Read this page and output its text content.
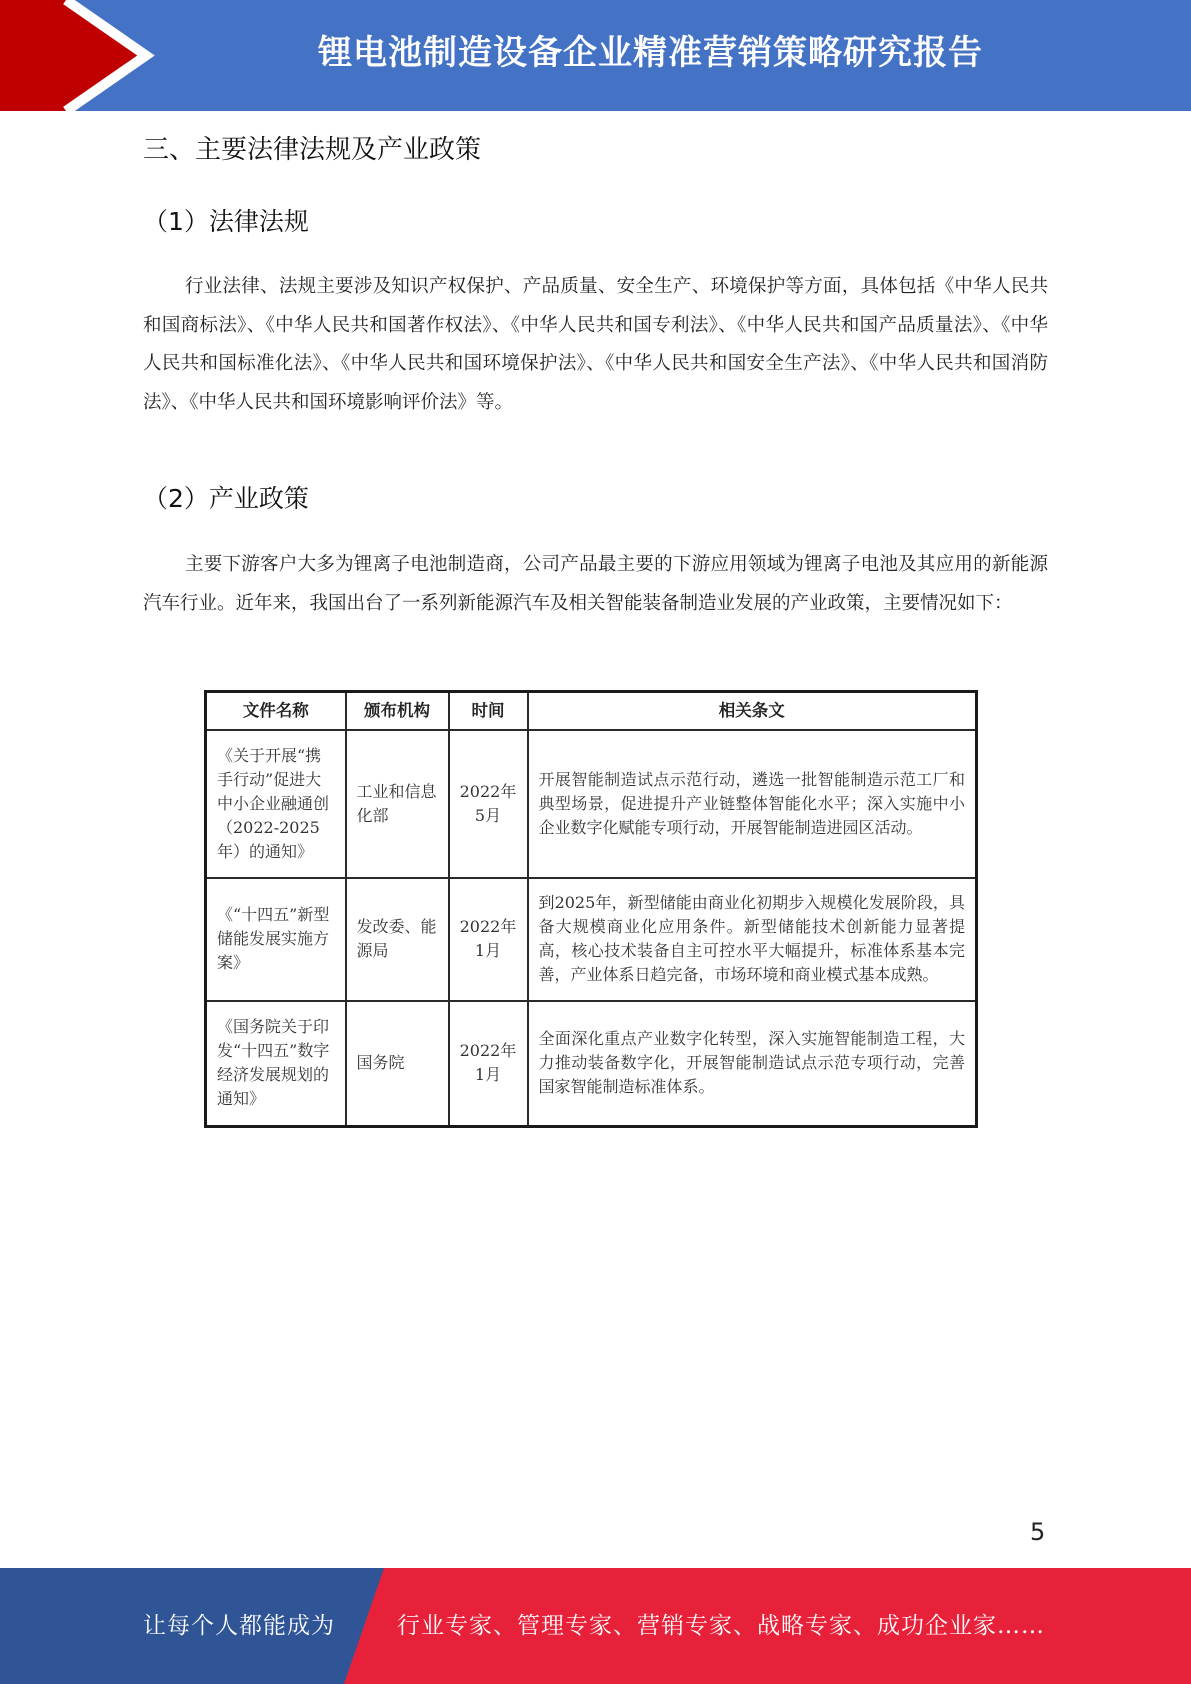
锂电池制造设备企业精准营销策略研究报告
三、主要法律法规及产业政策
（1）法律法规
行业法律、法规主要涉及知识产权保护、产品质量、安全生产、环境保护等方面，具体包括《中华人民共和国商标法》、《中华人民共和国著作权法》、《中华人民共和国专利法》、《中华人民共和国产品质量法》、《中华人民共和国标准化法》、《中华人民共和国环境保护法》、《中华人民共和国安全生产法》、《中华人民共和国消防法》、《中华人民共和国环境影响评价法》等。
（2）产业政策
主要下游客户大多为锂离子电池制造商，公司产品最主要的下游应用领域为锂离子电池及其应用的新能源汽车行业。近年来，我国出台了一系列新能源汽车及相关智能装备制造业发展的产业政策，主要情况如下：
文件名称	颁布机构	时间	相关条文
《关于开展“携手行动”促进大中小企业融通创（2022-2025年）的通知》	工业和信息化部	2022年5月	开展智能制造试点示范行动，遴选一批智能制造示范工厂和典型场景，促进提升产业链整体智能化水平；深入实施中小企业数字化赋能专项行动，开展智能制造进园区活动。
《“十四五”新型储能发展实施方案》	发改委、能源局	2022年1月	到2025年，新型储能由商业化初期步入规模化发展阶段，具备大规模商业化应用条件。新型储能技术创新能力显著提高，核心技术装备自主可控水平大幅提升，标准体系基本完善，产业体系日趋完备，市场环境和商业模式基本成熟。
《国务院关于印发“十四五”数字经济发展规划的通知》	国务院	2022年1月	全面深化重点产业数字化转型，深入实施智能制造工程，大力推动装备数字化，开展智能制造试点示范专项行动，完善国家智能制造标准体系。
5
让每个人都能成为	行业专家、管理专家、营销专家、战略专家、成功企业家……
